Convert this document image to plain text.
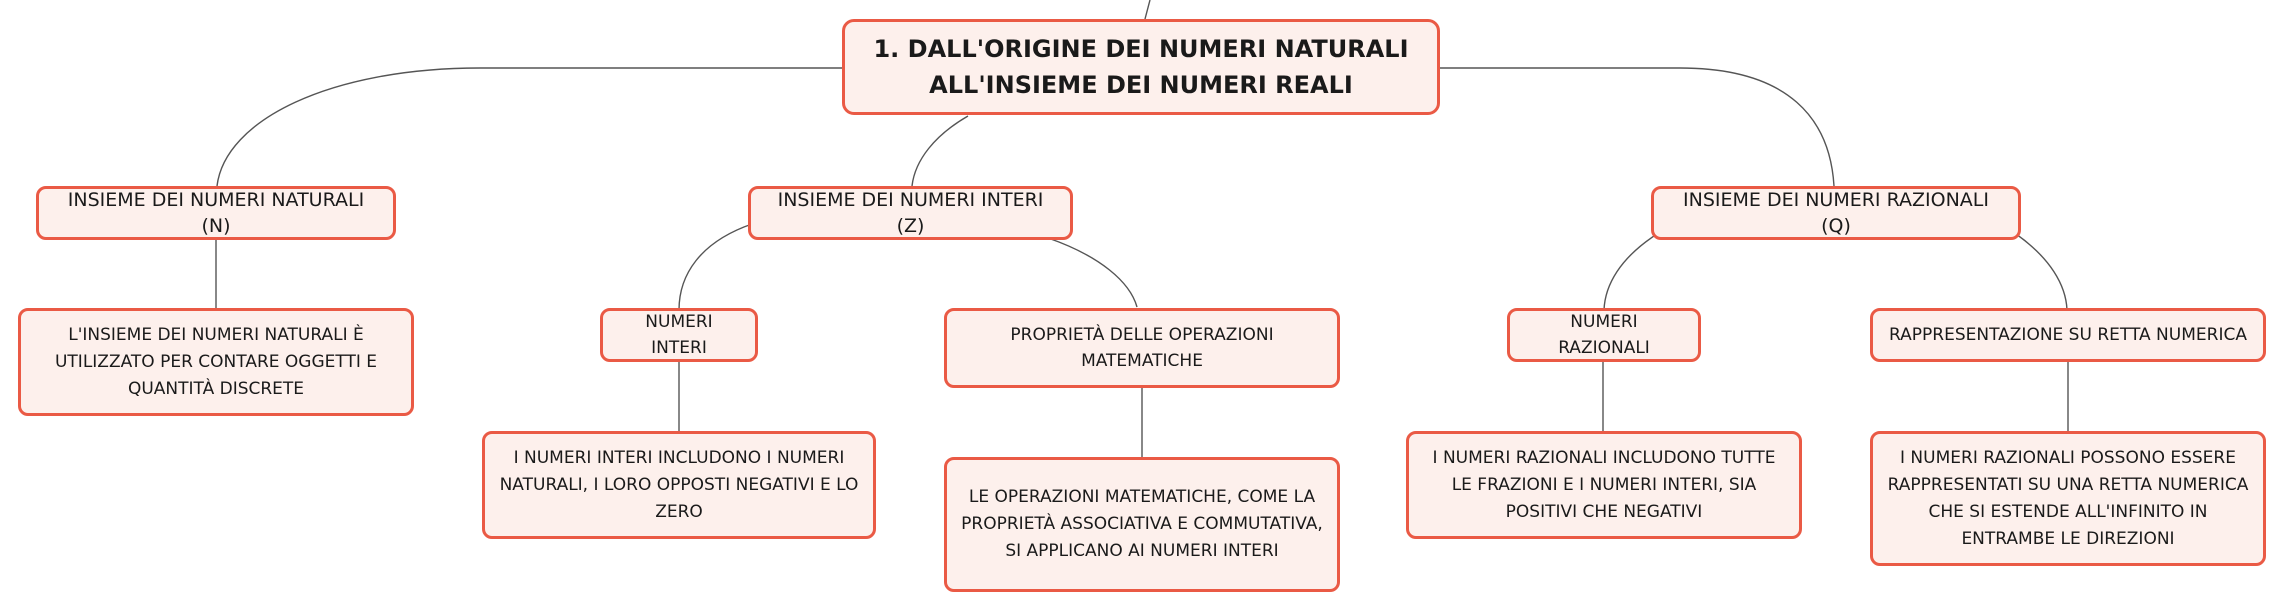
1. DALL'ORIGINE DEI NUMERI NATURALI
ALL'INSIEME DEI NUMERI REALI
INSIEME DEI NUMERI NATURALI (N)
INSIEME DEI NUMERI INTERI (Z)
INSIEME DEI NUMERI RAZIONALI (Q)
NUMERI INTERI
PROPRIETÀ DELLE OPERAZIONI MATEMATICHE
NUMERI RAZIONALI
RAPPRESENTAZIONE SU RETTA NUMERICA
L'INSIEME DEI NUMERI NATURALI È UTILIZZATO PER CONTARE OGGETTI E QUANTITÀ DISCRETE
I NUMERI INTERI INCLUDONO I NUMERI NATURALI, I LORO OPPOSTI NEGATIVI E LO ZERO
LE OPERAZIONI MATEMATICHE, COME LA PROPRIETÀ ASSOCIATIVA E COMMUTATIVA, SI APPLICANO AI NUMERI INTERI
I NUMERI RAZIONALI INCLUDONO TUTTE LE FRAZIONI E I NUMERI INTERI, SIA POSITIVI CHE NEGATIVI
I NUMERI RAZIONALI POSSONO ESSERE RAPPRESENTATI SU UNA RETTA NUMERICA CHE SI ESTENDE ALL'INFINITO IN ENTRAMBE LE DIREZIONI
